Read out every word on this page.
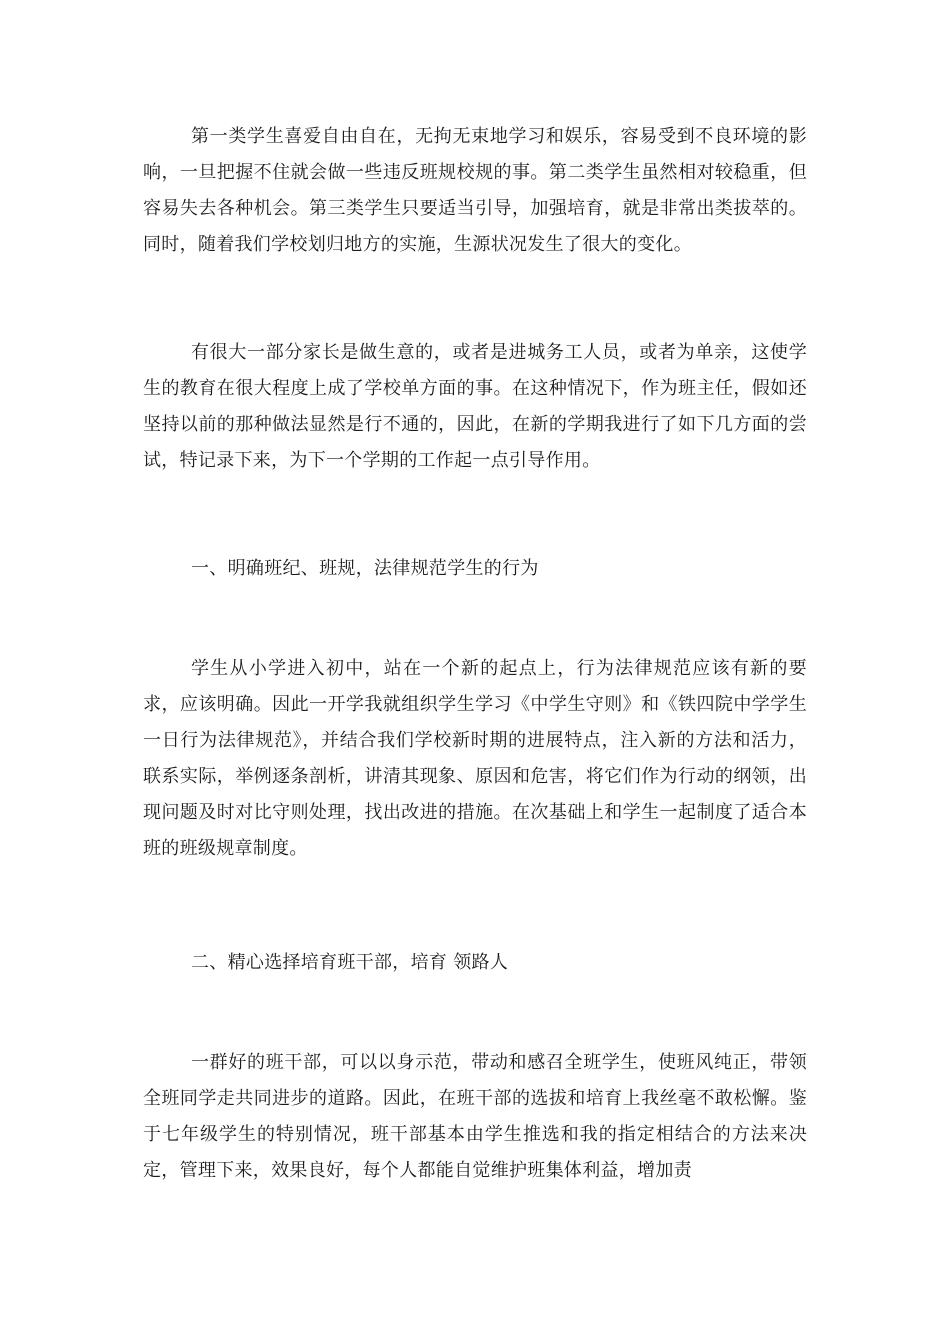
第一类学生喜爱自由自在，无拘无束地学习和娱乐，容易受到不良环境的影响，一旦把握不住就会做一些违反班规校规的事。第二类学生虽然相对较稳重，但容易失去各种机会。第三类学生只要适当引导，加强培育，就是非常出类拔萃的。同时，随着我们学校划归地方的实施，生源状况发生了很大的变化。
有很大一部分家长是做生意的，或者是进城务工人员，或者为单亲，这使学生的教育在很大程度上成了学校单方面的事。在这种情况下，作为班主任，假如还坚持以前的那种做法显然是行不通的，因此，在新的学期我进行了如下几方面的尝试，特记录下来，为下一个学期的工作起一点引导作用。
一、明确班纪、班规，法律规范学生的行为
学生从小学进入初中，站在一个新的起点上，行为法律规范应该有新的要求，应该明确。因此一开学我就组织学生学习《中学生守则》和《铁四院中学学生一日行为法律规范》，并结合我们学校新时期的进展特点，注入新的方法和活力，联系实际，举例逐条剖析，讲清其现象、原因和危害，将它们作为行动的纲领，出现问题及时对比守则处理，找出改进的措施。在次基础上和学生一起制度了适合本班的班级规章制度。
二、精心选择培育班干部，培育 领路人
一群好的班干部，可以以身示范，带动和感召全班学生，使班风纯正，带领全班同学走共同进步的道路。因此，在班干部的选拔和培育上我丝毫不敢松懈。鉴于七年级学生的特别情况，班干部基本由学生推选和我的指定相结合的方法来决定，管理下来，效果良好，每个人都能自觉维护班集体利益，增加责
